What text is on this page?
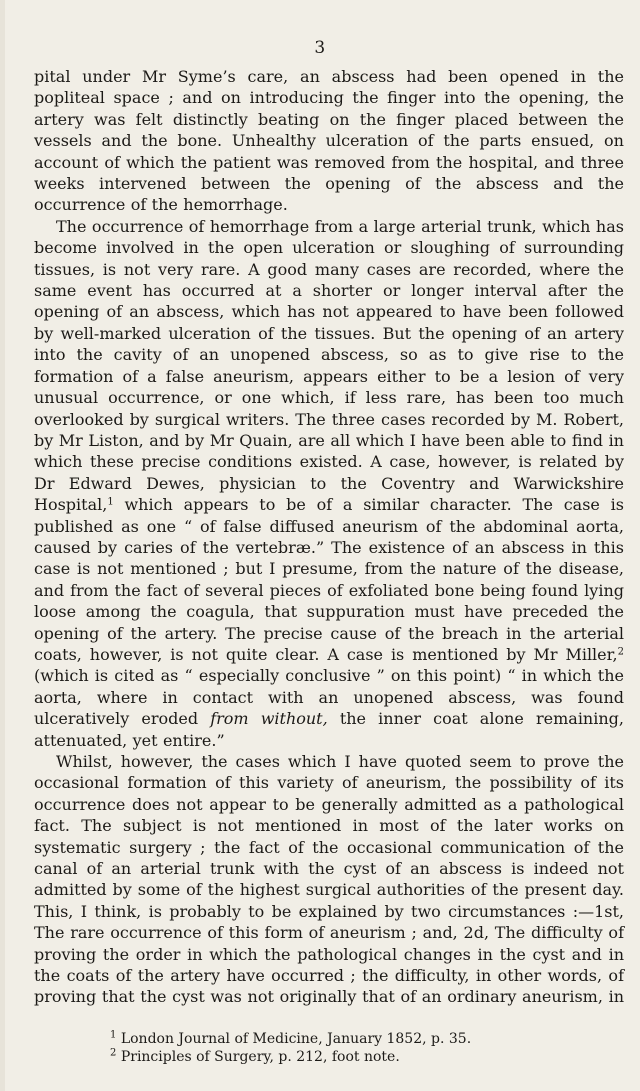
3

pital under Mr Syme’s care, an abscess had been opened in the popliteal space ; and on introducing the finger into the opening, the artery was felt distinctly beating on the finger placed between the vessels and the bone. Unhealthy ulceration of the parts ensued, on account of which the patient was removed from the hospital, and three weeks intervened between the opening of the abscess and the occurrence of the hemorrhage.

The occurrence of hemorrhage from a large arterial trunk, which has become involved in the open ulceration or sloughing of surrounding tissues, is not very rare. A good many cases are recorded, where the same event has occurred at a shorter or longer interval after the opening of an abscess, which has not appeared to have been followed by well-marked ulceration of the tissues. But the opening of an artery into the cavity of an unopened abscess, so as to give rise to the formation of a false aneurism, appears either to be a lesion of very unusual occurrence, or one which, if less rare, has been too much overlooked by surgical writers. The three cases recorded by M. Robert, by Mr Liston, and by Mr Quain, are all which I have been able to find in which these precise conditions existed. A case, however, is related by Dr Edward Dewes, physician to the Coventry and Warwickshire Hospital,$^1$ which appears to be of a similar character. The case is published as one “ of false diffused aneurism of the abdominal aorta, caused by caries of the vertebræ.” The existence of an abscess in this case is not mentioned ; but I presume, from the nature of the disease, and from the fact of several pieces of exfoliated bone being found lying loose among the coagula, that suppuration must have preceded the opening of the artery. The precise cause of the breach in the arterial coats, however, is not quite clear. A case is mentioned by Mr Miller,$^2$ (which is cited as “ especially conclusive ” on this point) “ in which the aorta, where in contact with an unopened abscess, was found ulceratively eroded from without, the inner coat alone remaining, attenuated, yet entire.”

Whilst, however, the cases which I have quoted seem to prove the occasional formation of this variety of aneurism, the possibility of its occurrence does not appear to be generally admitted as a pathological fact. The subject is not mentioned in most of the later works on systematic surgery ; the fact of the occasional communication of the canal of an arterial trunk with the cyst of an abscess is indeed not admitted by some of the highest surgical authorities of the present day. This, I think, is probably to be explained by two circumstances :—1st, The rare occurrence of this form of aneurism ; and, 2d, The difficulty of proving the order in which the pathological changes in the cyst and in the coats of the artery have occurred ; the difficulty, in other words, of proving that the cyst was not originally that of an ordinary aneurism, in

$^1$ London Journal of Medicine, January 1852, p. 35.
$^2$ Principles of Surgery, p. 212, foot note.
